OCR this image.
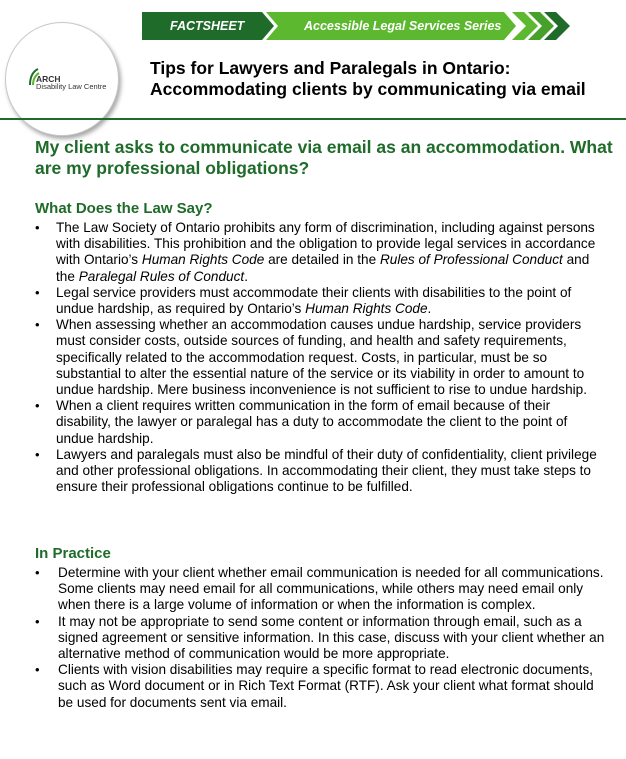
FACTSHEET	Accessible Legal Services Series
ARCH
Disability Law Centre
Tips for Lawyers and Paralegals in Ontario:
Accommodating clients by communicating via email
My client asks to communicate via email as an accommodation. What are my professional obligations?
What Does the Law Say?
• The Law Society of Ontario prohibits any form of discrimination, including against persons with disabilities. This prohibition and the obligation to provide legal services in accordance with Ontario’s Human Rights Code are detailed in the Rules of Professional Conduct and the Paralegal Rules of Conduct.
• Legal service providers must accommodate their clients with disabilities to the point of undue hardship, as required by Ontario’s Human Rights Code.
• When assessing whether an accommodation causes undue hardship, service providers must consider costs, outside sources of funding, and health and safety requirements, specifically related to the accommodation request. Costs, in particular, must be so substantial to alter the essential nature of the service or its viability in order to amount to undue hardship. Mere business inconvenience is not sufficient to rise to undue hardship.
• When a client requires written communication in the form of email because of their disability, the lawyer or paralegal has a duty to accommodate the client to the point of undue hardship.
• Lawyers and paralegals must also be mindful of their duty of confidentiality, client privilege and other professional obligations. In accommodating their client, they must take steps to ensure their professional obligations continue to be fulfilled.
In Practice
• Determine with your client whether email communication is needed for all communications. Some clients may need email for all communications, while others may need email only when there is a large volume of information or when the information is complex.
• It may not be appropriate to send some content or information through email, such as a signed agreement or sensitive information. In this case, discuss with your client whether an alternative method of communication would be more appropriate.
• Clients with vision disabilities may require a specific format to read electronic documents, such as Word document or in Rich Text Format (RTF). Ask your client what format should be used for documents sent via email.
